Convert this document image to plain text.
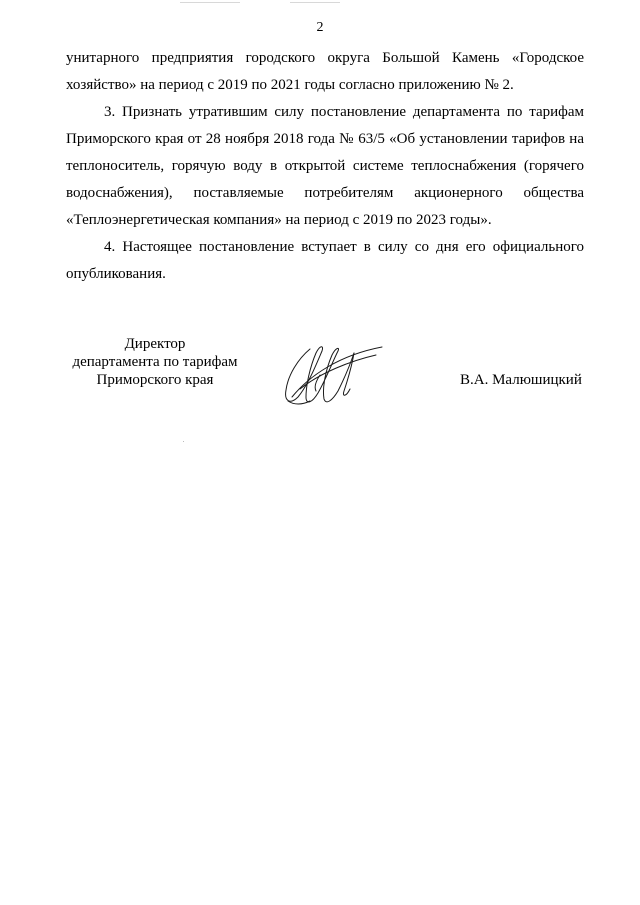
2

унитарного предприятия городского округа Большой Камень «Городское хозяйство» на период с 2019 по 2021 годы согласно приложению № 2.

3. Признать утратившим силу постановление департамента по тарифам Приморского края от 28 ноября 2018 года № 63/5 «Об установлении тарифов на теплоноситель, горячую воду в открытой системе теплоснабжения (горячего водоснабжения), поставляемые потребителям акционерного общества «Теплоэнергетическая компания» на период с 2019 по 2023 годы».

4. Настоящее постановление вступает в силу со дня его официального опубликования.

Директор
департамента по тарифам
Приморского края	В.А. Малюшицкий
